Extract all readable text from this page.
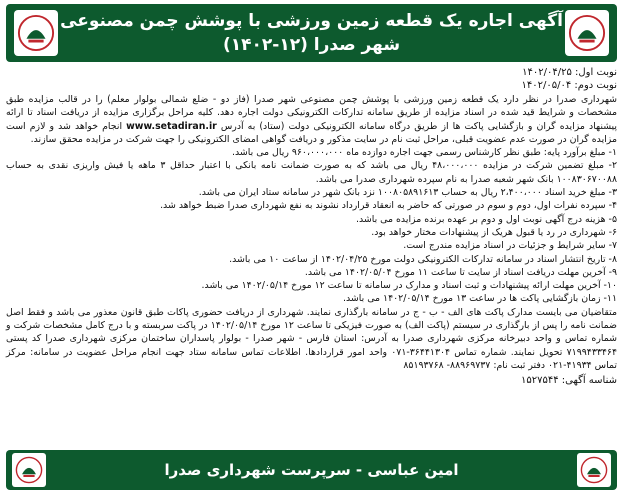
آگهی اجاره یک قطعه زمین ورزشی با پوشش چمن مصنوعی
شهر صدرا (۱۲-۱۴۰۲)
نوبت اول: ۱۴۰۲/۰۴/۲۵
نوبت دوم: ۱۴۰۲/۰۵/۰۴

شهرداری صدرا در نظر دارد یک قطعه زمین ورزشی با پوشش چمن مصنوعی شهر صدرا (فاز دو - ضلع شمالی بولوار معلم) را در قالب مزایده طبق مشخصات و شرایط قید شده در اسناد مزایده از طریق سامانه تدارکات الکترونیکی دولت اجاره دهد. کلیه مراحل برگزاری مزایده از دریافت اسناد تا ارائه پیشنهاد مزایده گران و بازگشایی پاکت ها از طریق درگاه سامانه الکترونیکی دولت (ستاد) به آدرس www.setadiran.ir انجام خواهد شد و لازم است مزایده گران در صورت عدم عضویت قبلی، مراحل ثبت نام در سایت مذکور و دریافت گواهی امضای الکترونیکی را جهت شرکت در مزایده محقق سازند.

۱- مبلغ برآورد پایه: طبق نظر کارشناس رسمی جهت اجاره دوازده ماه ۹۶۰،۰۰۰،۰۰۰ ریال می باشد.

۲- مبلغ تضمین شرکت در مزایده ۴۸،۰۰۰،۰۰۰ ریال می باشد که به صورت ضمانت نامه بانکی با اعتبار حداقل ۳ ماهه یا فیش واریزی نقدی به حساب ۱۰۰۸۳۰۶۷۰۰۸۸ بانک شهر شعبه صدرا به نام سپرده شهرداری صدرا می باشد.

۳- مبلغ خرید اسناد ۲،۴۰۰،۰۰۰ ریال به حساب ۱۰۰۸۰۵۸۹۱۶۱۳ نزد بانک شهر در سامانه ستاد ایران می باشد.

۴- سپرده نفرات اول، دوم و سوم در صورتی که حاضر به انعقاد قرارداد نشوند به نفع شهرداری صدرا ضبط خواهد شد.

۵- هزینه درج آگهی نوبت اول و دوم بر عهده برنده مزایده می باشد.

۶- شهرداری در رد یا قبول هریک از پیشنهادات مختار خواهد بود.

۷- سایر شرایط و جزئیات در اسناد مزایده مندرج است.

۸- تاریخ انتشار اسناد در سامانه تدارکات الکترونیکی دولت مورخ ۱۴۰۲/۰۴/۲۵ از ساعت ۱۰ می باشد.

۹- آخرین مهلت دریافت اسناد از سایت تا ساعت ۱۱ مورخ ۱۴۰۲/۰۵/۰۴ می باشد.

۱۰- آخرین مهلت ارائه پیشنهادات و ثبت اسناد و مدارک در سامانه تا ساعت ۱۲ مورخ ۱۴۰۲/۰۵/۱۴ می باشد.

۱۱- زمان بازگشایی پاکت ها در ساعت ۱۳ مورخ ۱۴۰۲/۰۵/۱۴ می باشد.

متقاضیان می بایست مدارک پاکت های الف - ب - ج در سامانه بارگذاری نمایند. شهرداری از دریافت حضوری پاکات طبق قانون معذور می باشد و فقط اصل ضمانت نامه را پس از بارگذاری در سیستم (پاکت الف) به صورت فیزیکی تا ساعت ۱۲ مورخ ۱۴۰۲/۰۵/۱۴ در پاکت سربسته و با درج کامل مشخصات شرکت و شماره تماس و واحد دبیرخانه مرکزی شهرداری صدرا به آدرس: استان فارس - شهر صدرا - بولوار پاسداران ساختمان مرکزی شهرداری صدرا کد پستی ۷۱۹۹۴۳۳۴۶۴ تحویل نمایند. شماره تماس ۳۶۴۴۱۳۰۴-۰۷۱ واحد امور قراردادها. اطلاعات تماس سامانه ستاد جهت انجام مراحل عضویت در سامانه: مرکز تماس ۴۱۹۳۴-۰۲۱ دفتر ثبت نام: ۸۸۹۶۹۷۳۷- ۸۵۱۹۳۷۶۸

شناسه آگهی: ۱۵۲۷۵۴۴
امین عباسی - سرپرست شهرداری صدرا
